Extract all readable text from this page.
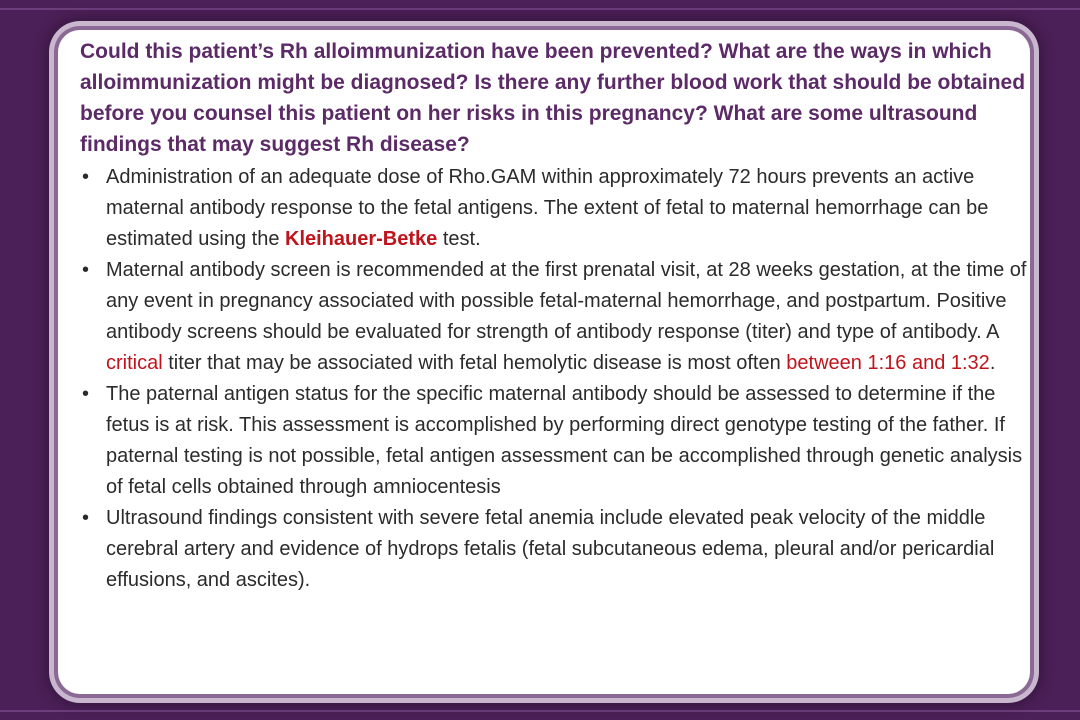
Could this patient’s Rh alloimmunization have been prevented? What are the ways in which alloimmunization might be diagnosed? Is there any further blood work that should be obtained before you counsel this patient on her risks in this pregnancy? What are some ultrasound findings that may suggest Rh disease?

• Administration of an adequate dose of Rho.GAM within approximately 72 hours prevents an active maternal antibody response to the fetal antigens. The extent of fetal to maternal hemorrhage can be estimated using the Kleihauer-Betke test.
• Maternal antibody screen is recommended at the first prenatal visit, at 28 weeks gestation, at the time of any event in pregnancy associated with possible fetal-maternal hemorrhage, and postpartum. Positive antibody screens should be evaluated for strength of antibody response (titer) and type of antibody. A critical titer that may be associated with fetal hemolytic disease is most often between 1:16 and 1:32.
• The paternal antigen status for the specific maternal antibody should be assessed to determine if the fetus is at risk. This assessment is accomplished by performing direct genotype testing of the father. If paternal testing is not possible, fetal antigen assessment can be accomplished through genetic analysis of fetal cells obtained through amniocentesis
• Ultrasound findings consistent with severe fetal anemia include elevated peak velocity of the middle cerebral artery and evidence of hydrops fetalis (fetal subcutaneous edema, pleural and/or pericardial effusions, and ascites).
